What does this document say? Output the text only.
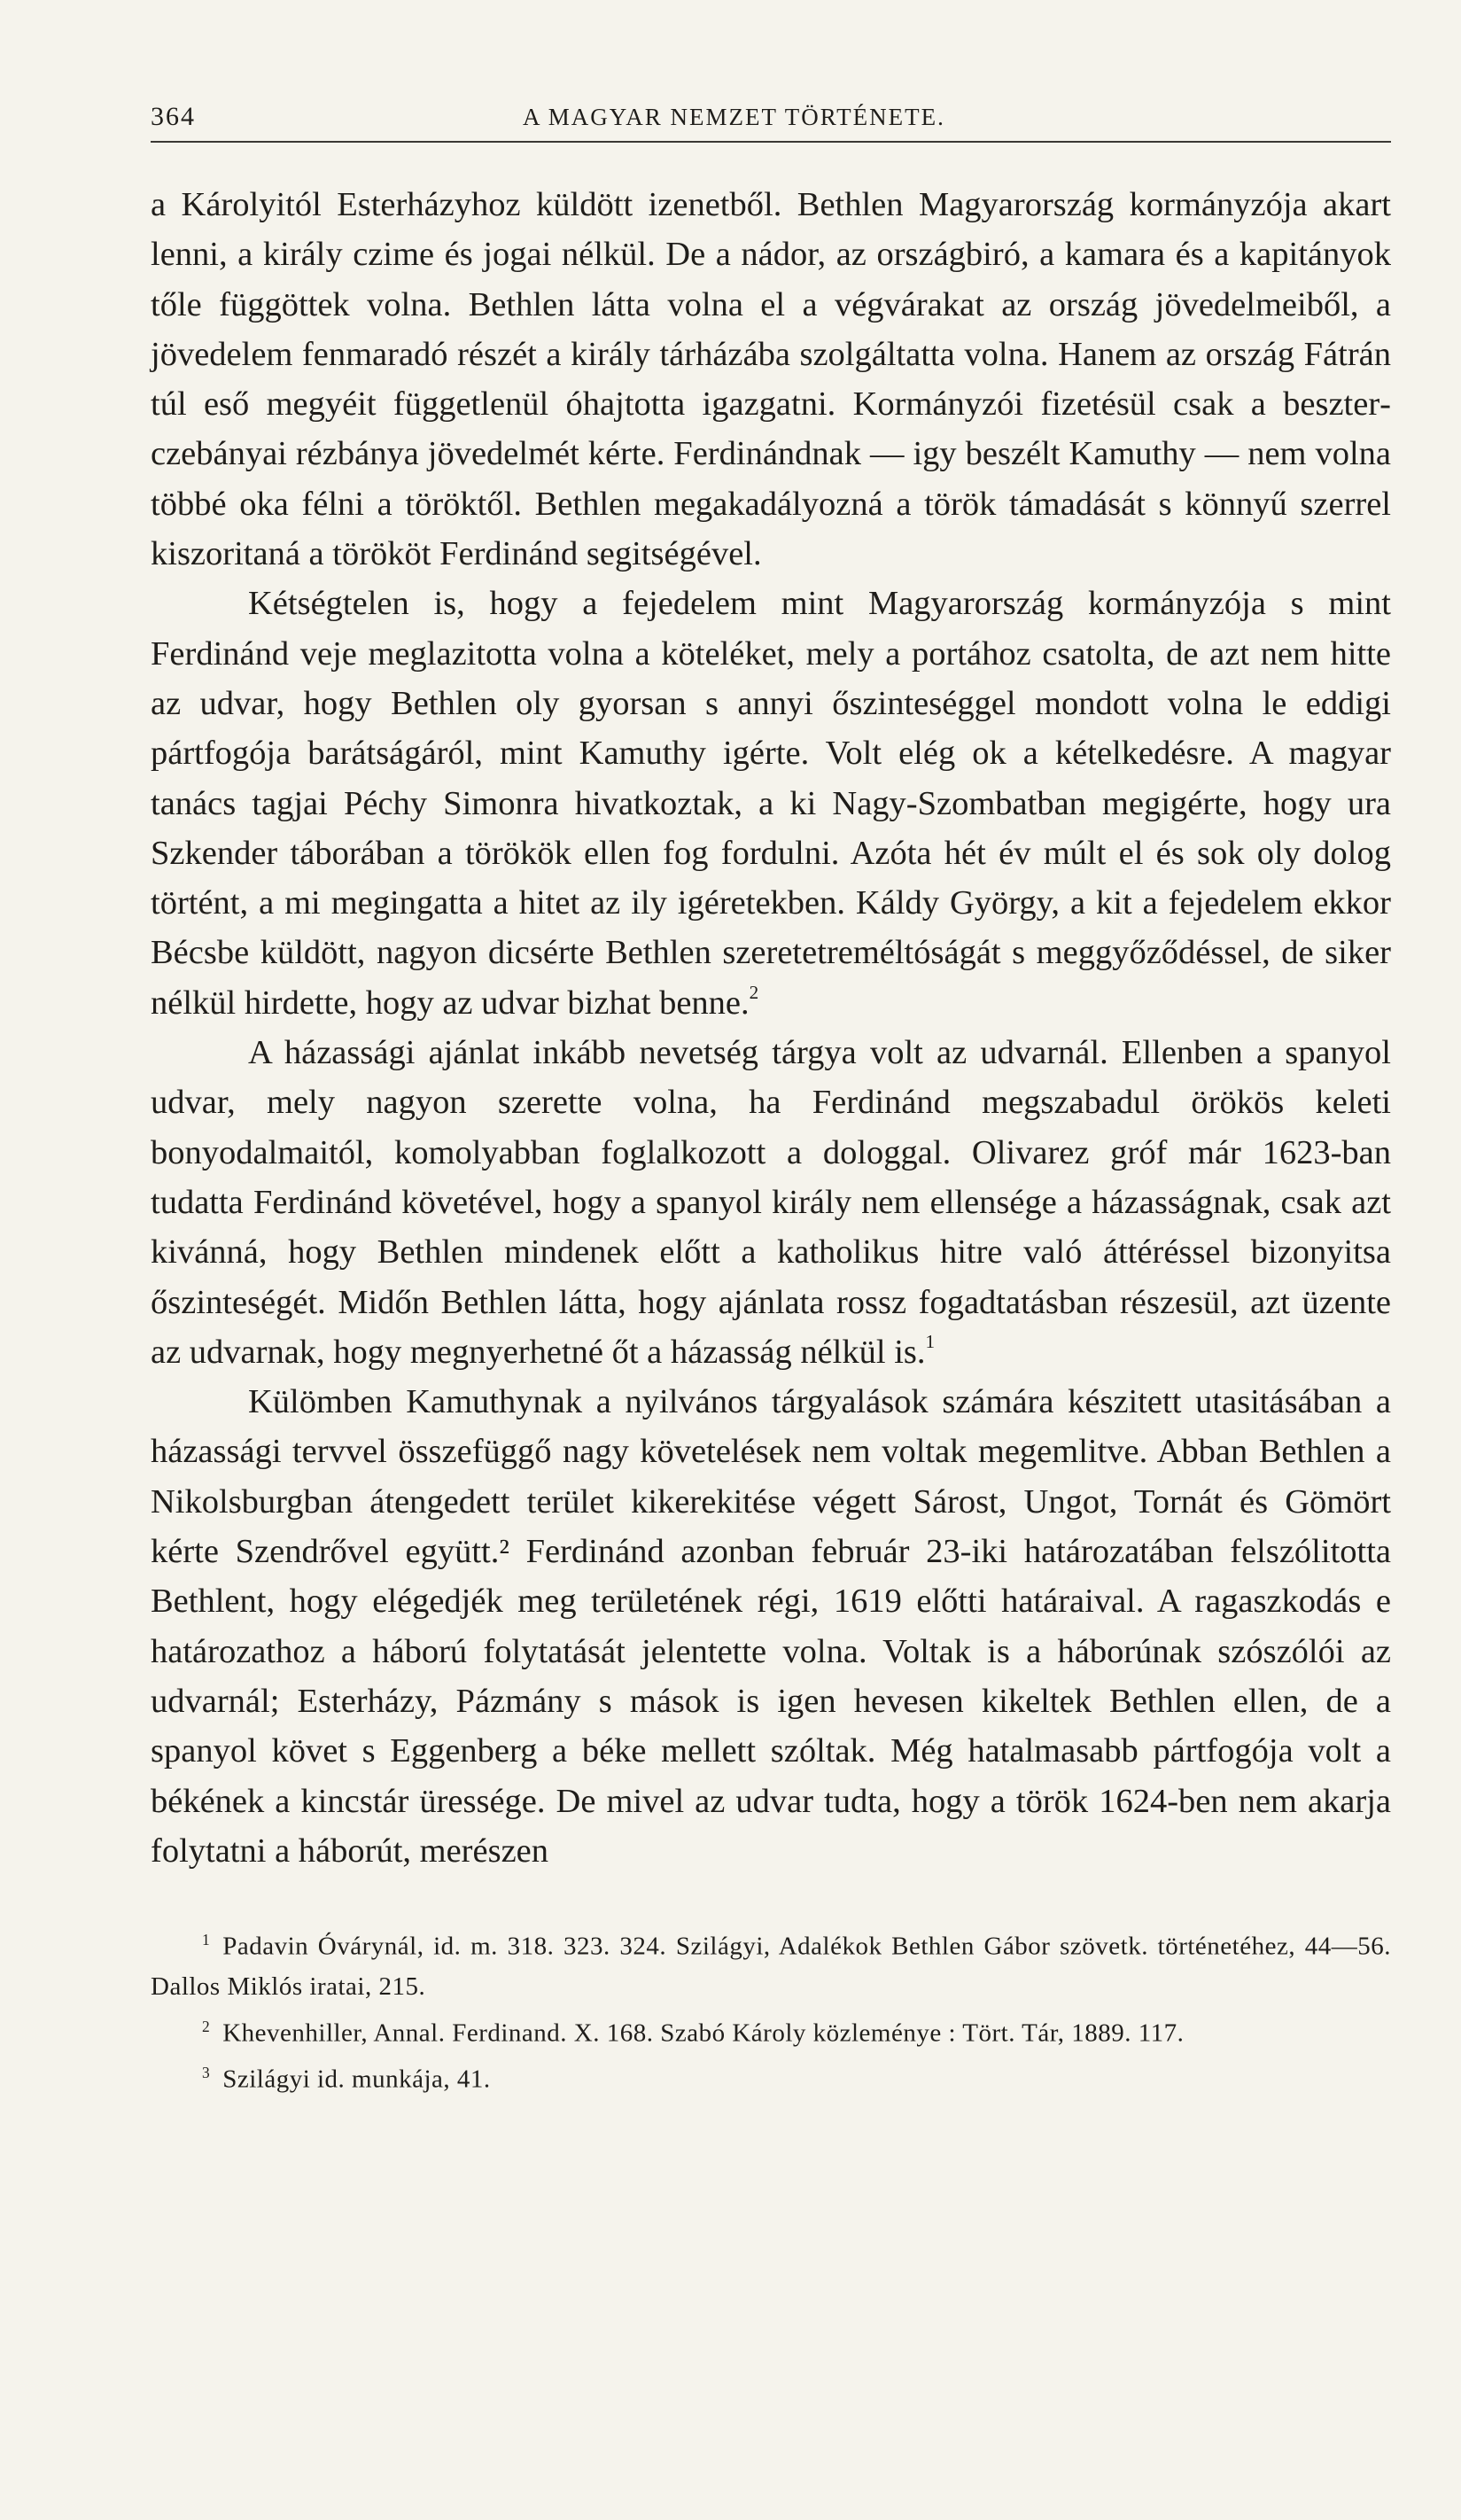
364	A MAGYAR NEMZET TÖRTÉNETE.

a Károlyitól Esterházyhoz küldött izenetből. Bethlen Magyarország kormányzója akart lenni, a király czime és jogai nélkül. De a nádor, az országbiró, a kamara és a kapitányok tőle függöttek volna. Bethlen látta volna el a végvárakat az ország jövedelmeiből, a jövedelem fenmaradó részét a király tárházába szolgáltatta volna. Hanem az ország Fátrán túl eső megyéit függetlenül óhajtotta igazgatni. Kormányzói fizetésül csak a beszterczebányai rézbánya jövedelmét kérte. Ferdinándnak — igy beszélt Kamuthy — nem volna többé oka félni a töröktől. Bethlen megakadályozná a török támadását s könnyű szerrel kiszoritaná a törököt Ferdinánd segitségével.

Kétségtelen is, hogy a fejedelem mint Magyarország kormányzója s mint Ferdinánd veje meglazitotta volna a köteléket, mely a portához csatolta, de azt nem hitte az udvar, hogy Bethlen oly gyorsan s annyi őszinteséggel mondott volna le eddigi pártfogója barátságáról, mint Kamuthy igérte. Volt elég ok a kételkedésre. A magyar tanács tagjai Péchy Simonra hivatkoztak, a ki Nagy-Szombatban megigérte, hogy ura Szkender táborában a törökök ellen fog fordulni. Azóta hét év múlt el és sok oly dolog történt, a mi megingatta a hitet az ily igéretekben. Káldy György, a kit a fejedelem ekkor Bécsbe küldött, nagyon dicsérte Bethlen szeretetreméltóságát s meggyőződéssel, de siker nélkül hirdette, hogy az udvar bizhat benne.$^2$

A házassági ajánlat inkább nevetség tárgya volt az udvarnál. Ellenben a spanyol udvar, mely nagyon szerette volna, ha Ferdinánd megszabadul örökös keleti bonyodalmaitól, komolyabban foglalkozott a dologgal. Olivarez gróf már 1623-ban tudatta Ferdinánd követével, hogy a spanyol király nem ellensége a házasságnak, csak azt kivánná, hogy Bethlen mindenek előtt a katholikus hitre való áttéréssel bizonyitsa őszinteségét. Midőn Bethlen látta, hogy ajánlata rossz fogadtatásban részesül, azt üzente az udvarnak, hogy megnyerhetné őt a házasság nélkül is.$^1$

Külömben Kamuthynak a nyilvános tárgyalások számára készitett utasitásában a házassági tervvel összefüggő nagy követelések nem voltak megemlitve. Abban Bethlen a Nikolsburgban átengedett terület kikerekitése végett Sárost, Ungot, Tornát és Gömört kérte Szendrővel együtt.² Ferdinánd azonban február 23-iki határozatában felszólitotta Bethlent, hogy elégedjék meg területének régi, 1619 előtti határaival. A ragaszkodás e határozathoz a háború folytatását jelentette volna. Voltak is a háborúnak szószólói az udvarnál; Esterházy, Pázmány s mások is igen hevesen kikeltek Bethlen ellen, de a spanyol követ s Eggenberg a béke mellett szóltak. Még hatalmasabb pártfogója volt a békének a kincstár üressége. De mivel az udvar tudta, hogy a török 1624-ben nem akarja folytatni a háborút, merészen

$^1$ Padavin Óvárynál, id. m. 318. 323. 324. Szilágyi, Adalékok Bethlen Gábor szövetk. történetéhez, 44—56. Dallos Miklós iratai, 215.

$^2$ Khevenhiller, Annal. Ferdinand. X. 168. Szabó Károly közleménye : Tört. Tár, 1889. 117.

$^3$ Szilágyi id. munkája, 41.
